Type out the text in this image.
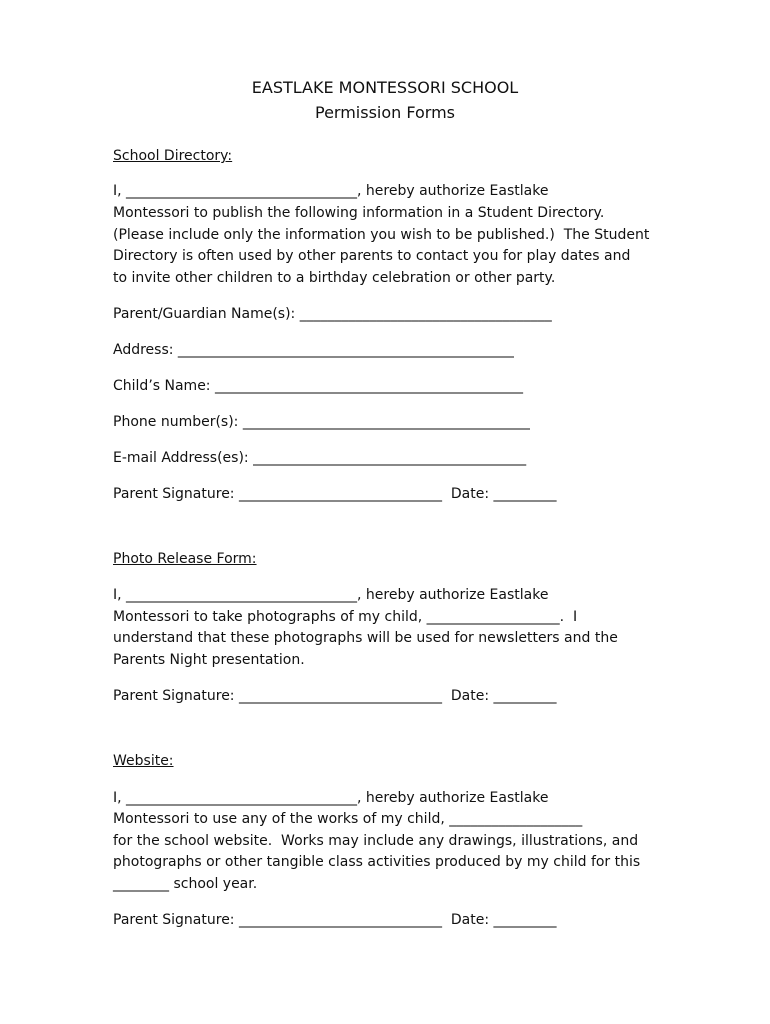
EASTLAKE MONTESSORI SCHOOL
Permission Forms
School Directory:
I, _________________________________, hereby authorize Eastlake
Montessori to publish the following information in a Student Directory.
(Please include only the information you wish to be published.)  The Student
Directory is often used by other parents to contact you for play dates and
to invite other children to a birthday celebration or other party.
Parent/Guardian Name(s): ____________________________________
Address: ________________________________________________
Child’s Name: ____________________________________________
Phone number(s): _________________________________________
E-mail Address(es): _______________________________________
Parent Signature: _____________________________  Date: _________
Photo Release Form:
I, _________________________________, hereby authorize Eastlake
Montessori to take photographs of my child, ___________________.  I
understand that these photographs will be used for newsletters and the
Parents Night presentation.
Parent Signature: _____________________________  Date: _________
Website:
I, _________________________________, hereby authorize Eastlake
Montessori to use any of the works of my child, ___________________
for the school website.  Works may include any drawings, illustrations, and
photographs or other tangible class activities produced by my child for this
________ school year.
Parent Signature: _____________________________  Date: _________
